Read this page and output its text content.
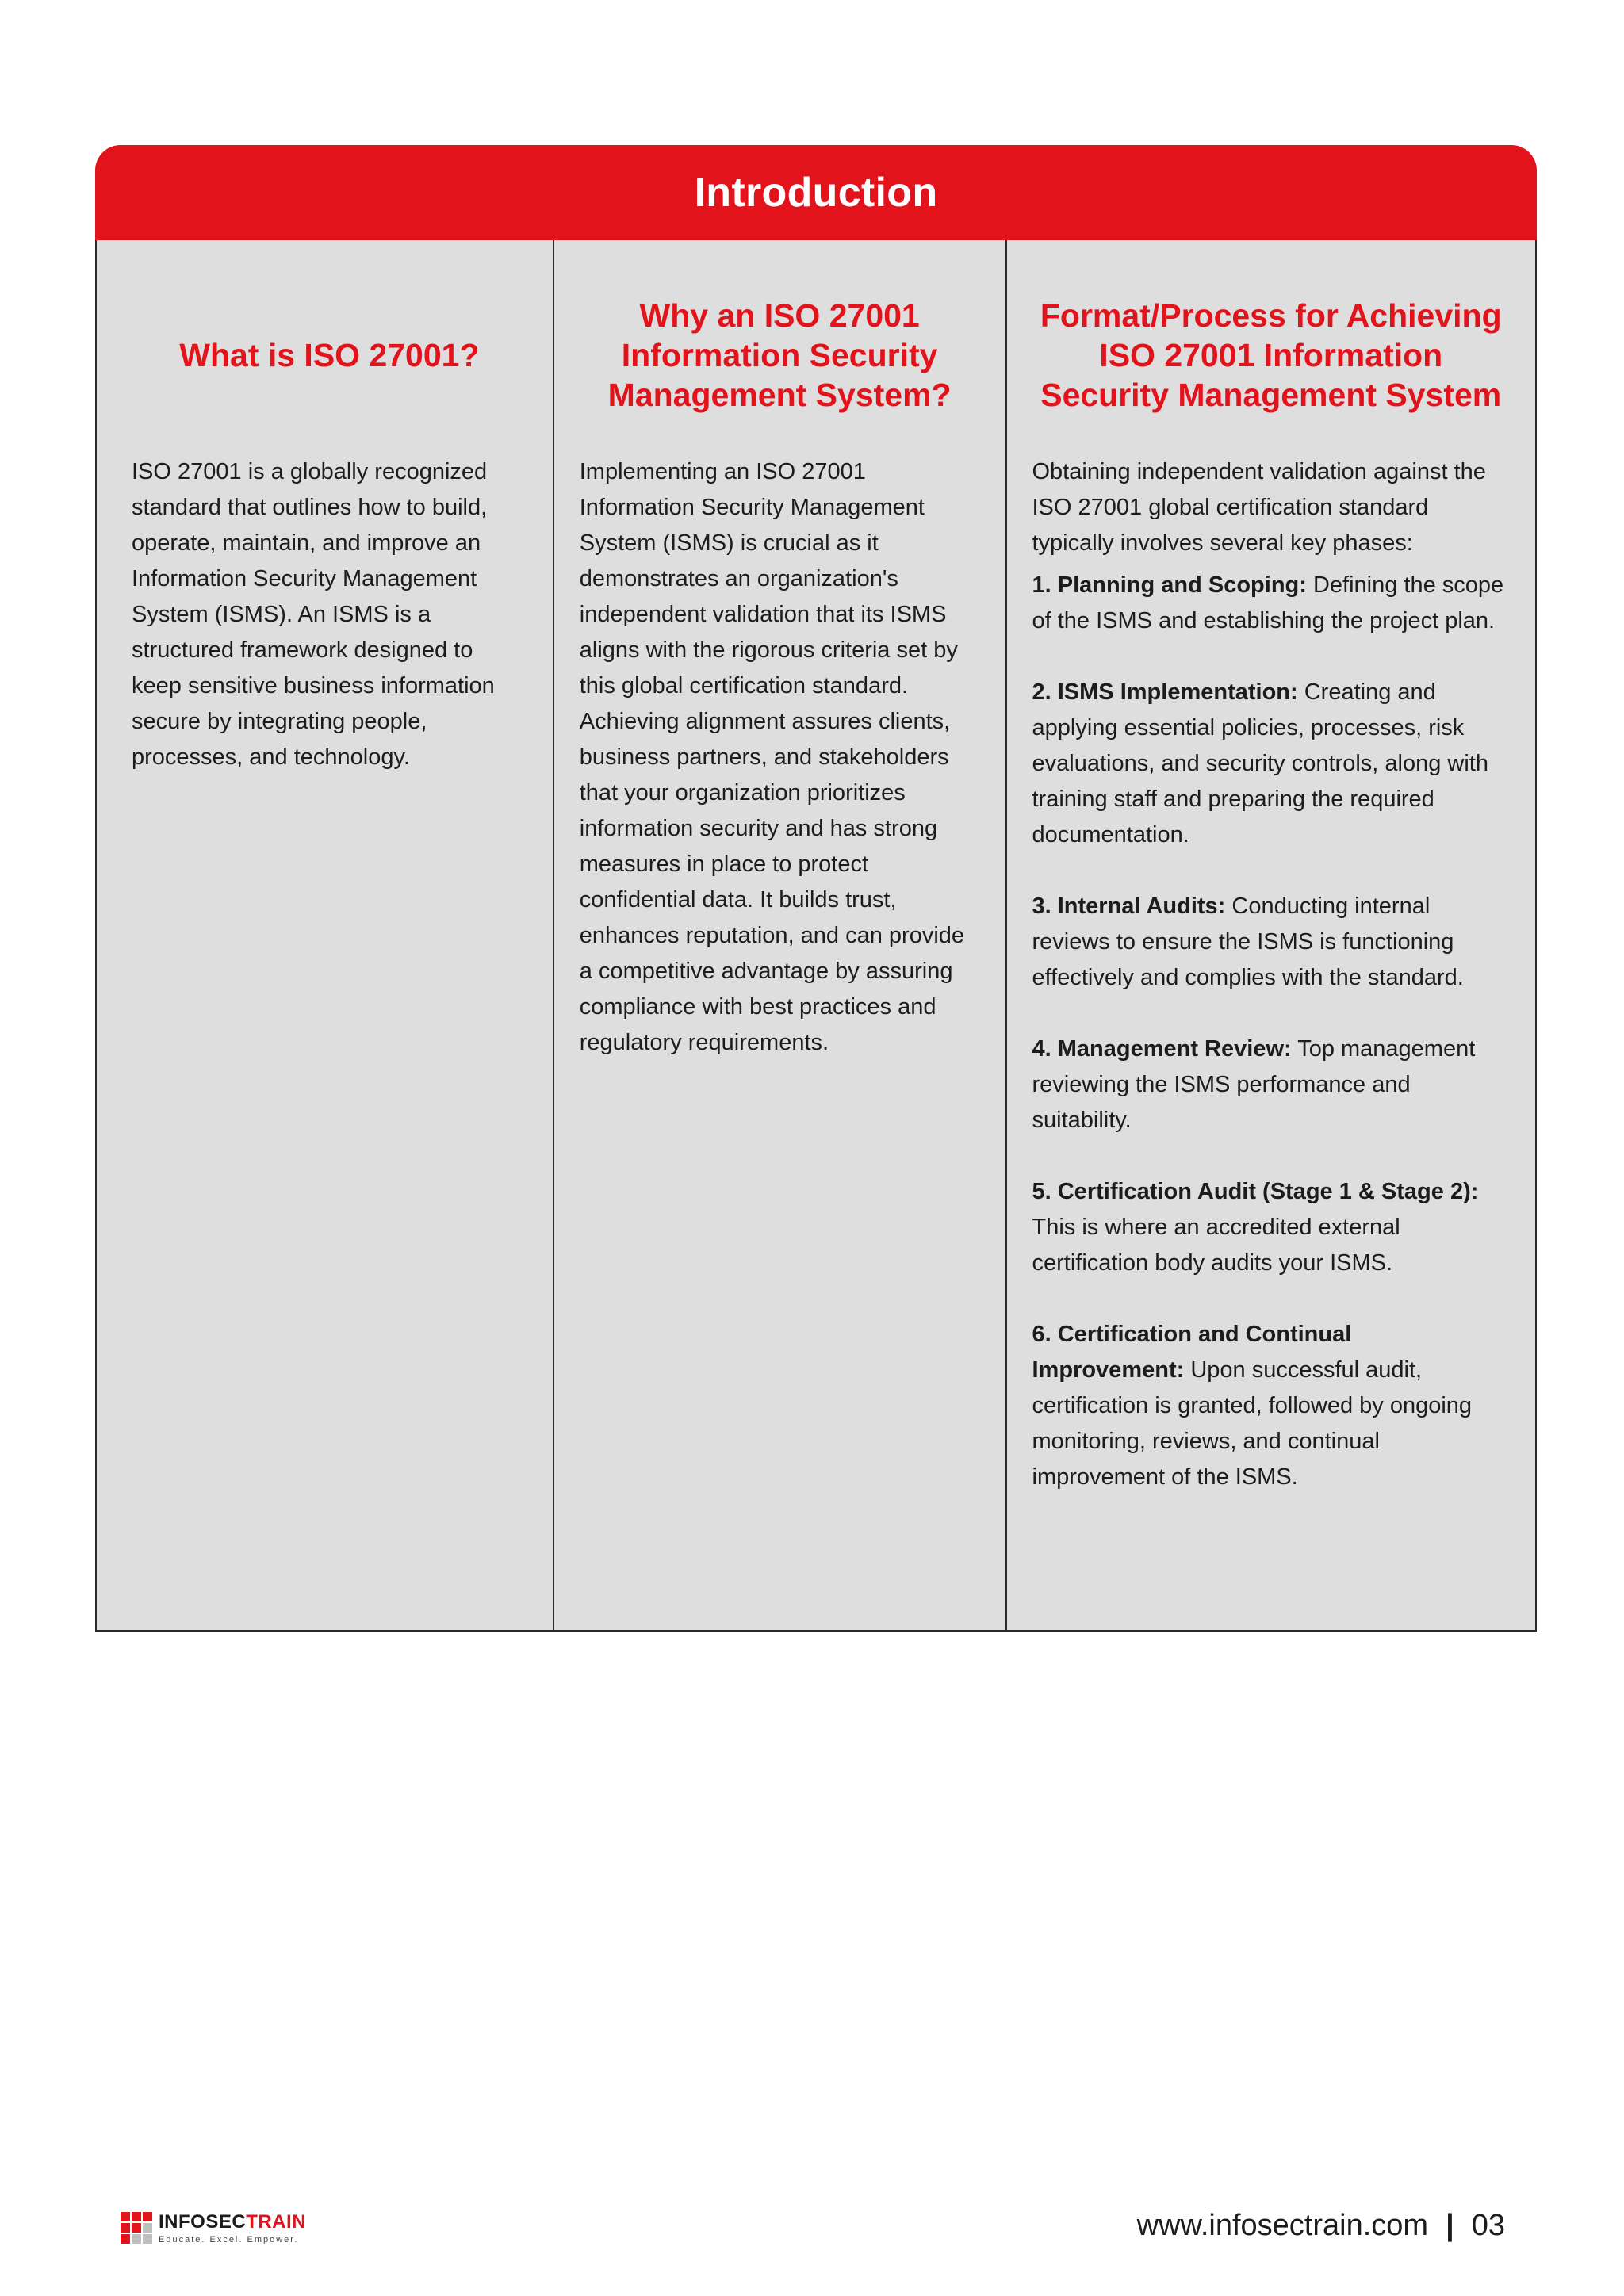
Introduction
What is ISO 27001?

ISO 27001 is a globally recognized standard that outlines how to build, operate, maintain, and improve an Information Security Management System (ISMS). An ISMS is a structured framework designed to keep sensitive business information secure by integrating people, processes, and technology.

Why an ISO 27001 Information Security Management System?

Implementing an ISO 27001 Information Security Management System (ISMS) is crucial as it demonstrates an organization's independent validation that its ISMS aligns with the rigorous criteria set by this global certification standard. Achieving alignment assures clients, business partners, and stakeholders that your organization prioritizes information security and has strong measures in place to protect confidential data. It builds trust, enhances reputation, and can provide a competitive advantage by assuring compliance with best practices and regulatory requirements.

Format/Process for Achieving ISO 27001 Information Security Management System

Obtaining independent validation against the ISO 27001 global certification standard typically involves several key phases:

1. Planning and Scoping: Defining the scope of the ISMS and establishing the project plan.

2. ISMS Implementation: Creating and applying essential policies, processes, risk evaluations, and security controls, along with training staff and preparing the required documentation.

3. Internal Audits: Conducting internal reviews to ensure the ISMS is functioning effectively and complies with the standard.

4. Management Review: Top management reviewing the ISMS performance and suitability.

5. Certification Audit (Stage 1 & Stage 2): This is where an accredited external certification body audits your ISMS.

6. Certification and Continual Improvement: Upon successful audit, certification is granted, followed by ongoing monitoring, reviews, and continual improvement of the ISMS.

INFOSECTRAIN
Educate. Excel. Empower.	www.infosectrain.com | 03
